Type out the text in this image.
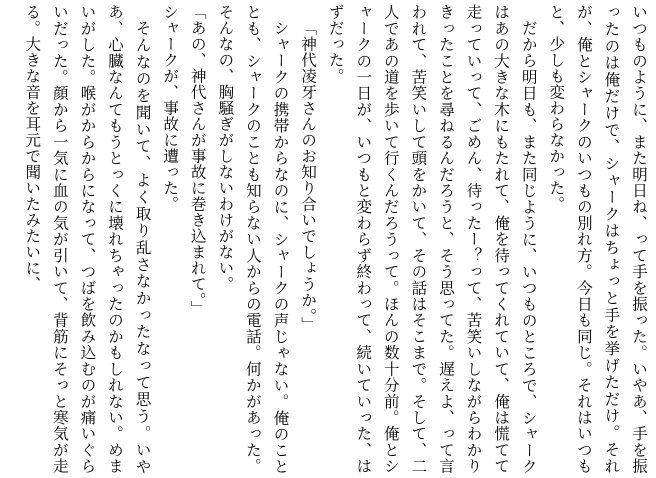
いつものように、また明日ね、って手を振った。いやあ、手を振ったのは俺だけで、シャークはちょっと手を挙げただけ。それが、俺とシャークのいつもの別れ方。今日も同じ。それはいつもと、少しも変わらなかった。

だから明日も、また同じように、いつものところで、シャークはあの大きな木にもたれて、俺を待ってくれていて、俺は慌てて走っていって、ごめん、待ったー？って、苦笑いしながらわかりきったことを尋ねるんだろうと、そう思ってた。遅えよ、って言われて、苦笑いして頭をかいて、その話はそこまで。そして、二人であの道を歩いて行くんだろうって。ほんの数十分前。俺とシャークの一日が、いつもと変わらず終わって、続いていった、はずだった。

「神代凌牙さんのお知り合いでしょうか。」

シャークの携帯からなのに、シャークの声じゃない。俺のこととも、シャークのことも知らない人からの電話。何かがあった。そんなの、胸騒ぎがしないわけがない。

「あの、神代さんが事故に巻き込まれて。」

シャークが、事故に遭った。

そんなのを聞いて、よく取り乱さなかったなって思う。いやあ、心臓なんてもうとっくに壊れちゃったのかもしれない。めまいがした。喉がからからになって、つばを飲み込むのが痛いぐらいだった。顔から一気に血の気が引いて、背筋にそっと寒気が走る。大きな音を耳元で聞いたみたいに、
